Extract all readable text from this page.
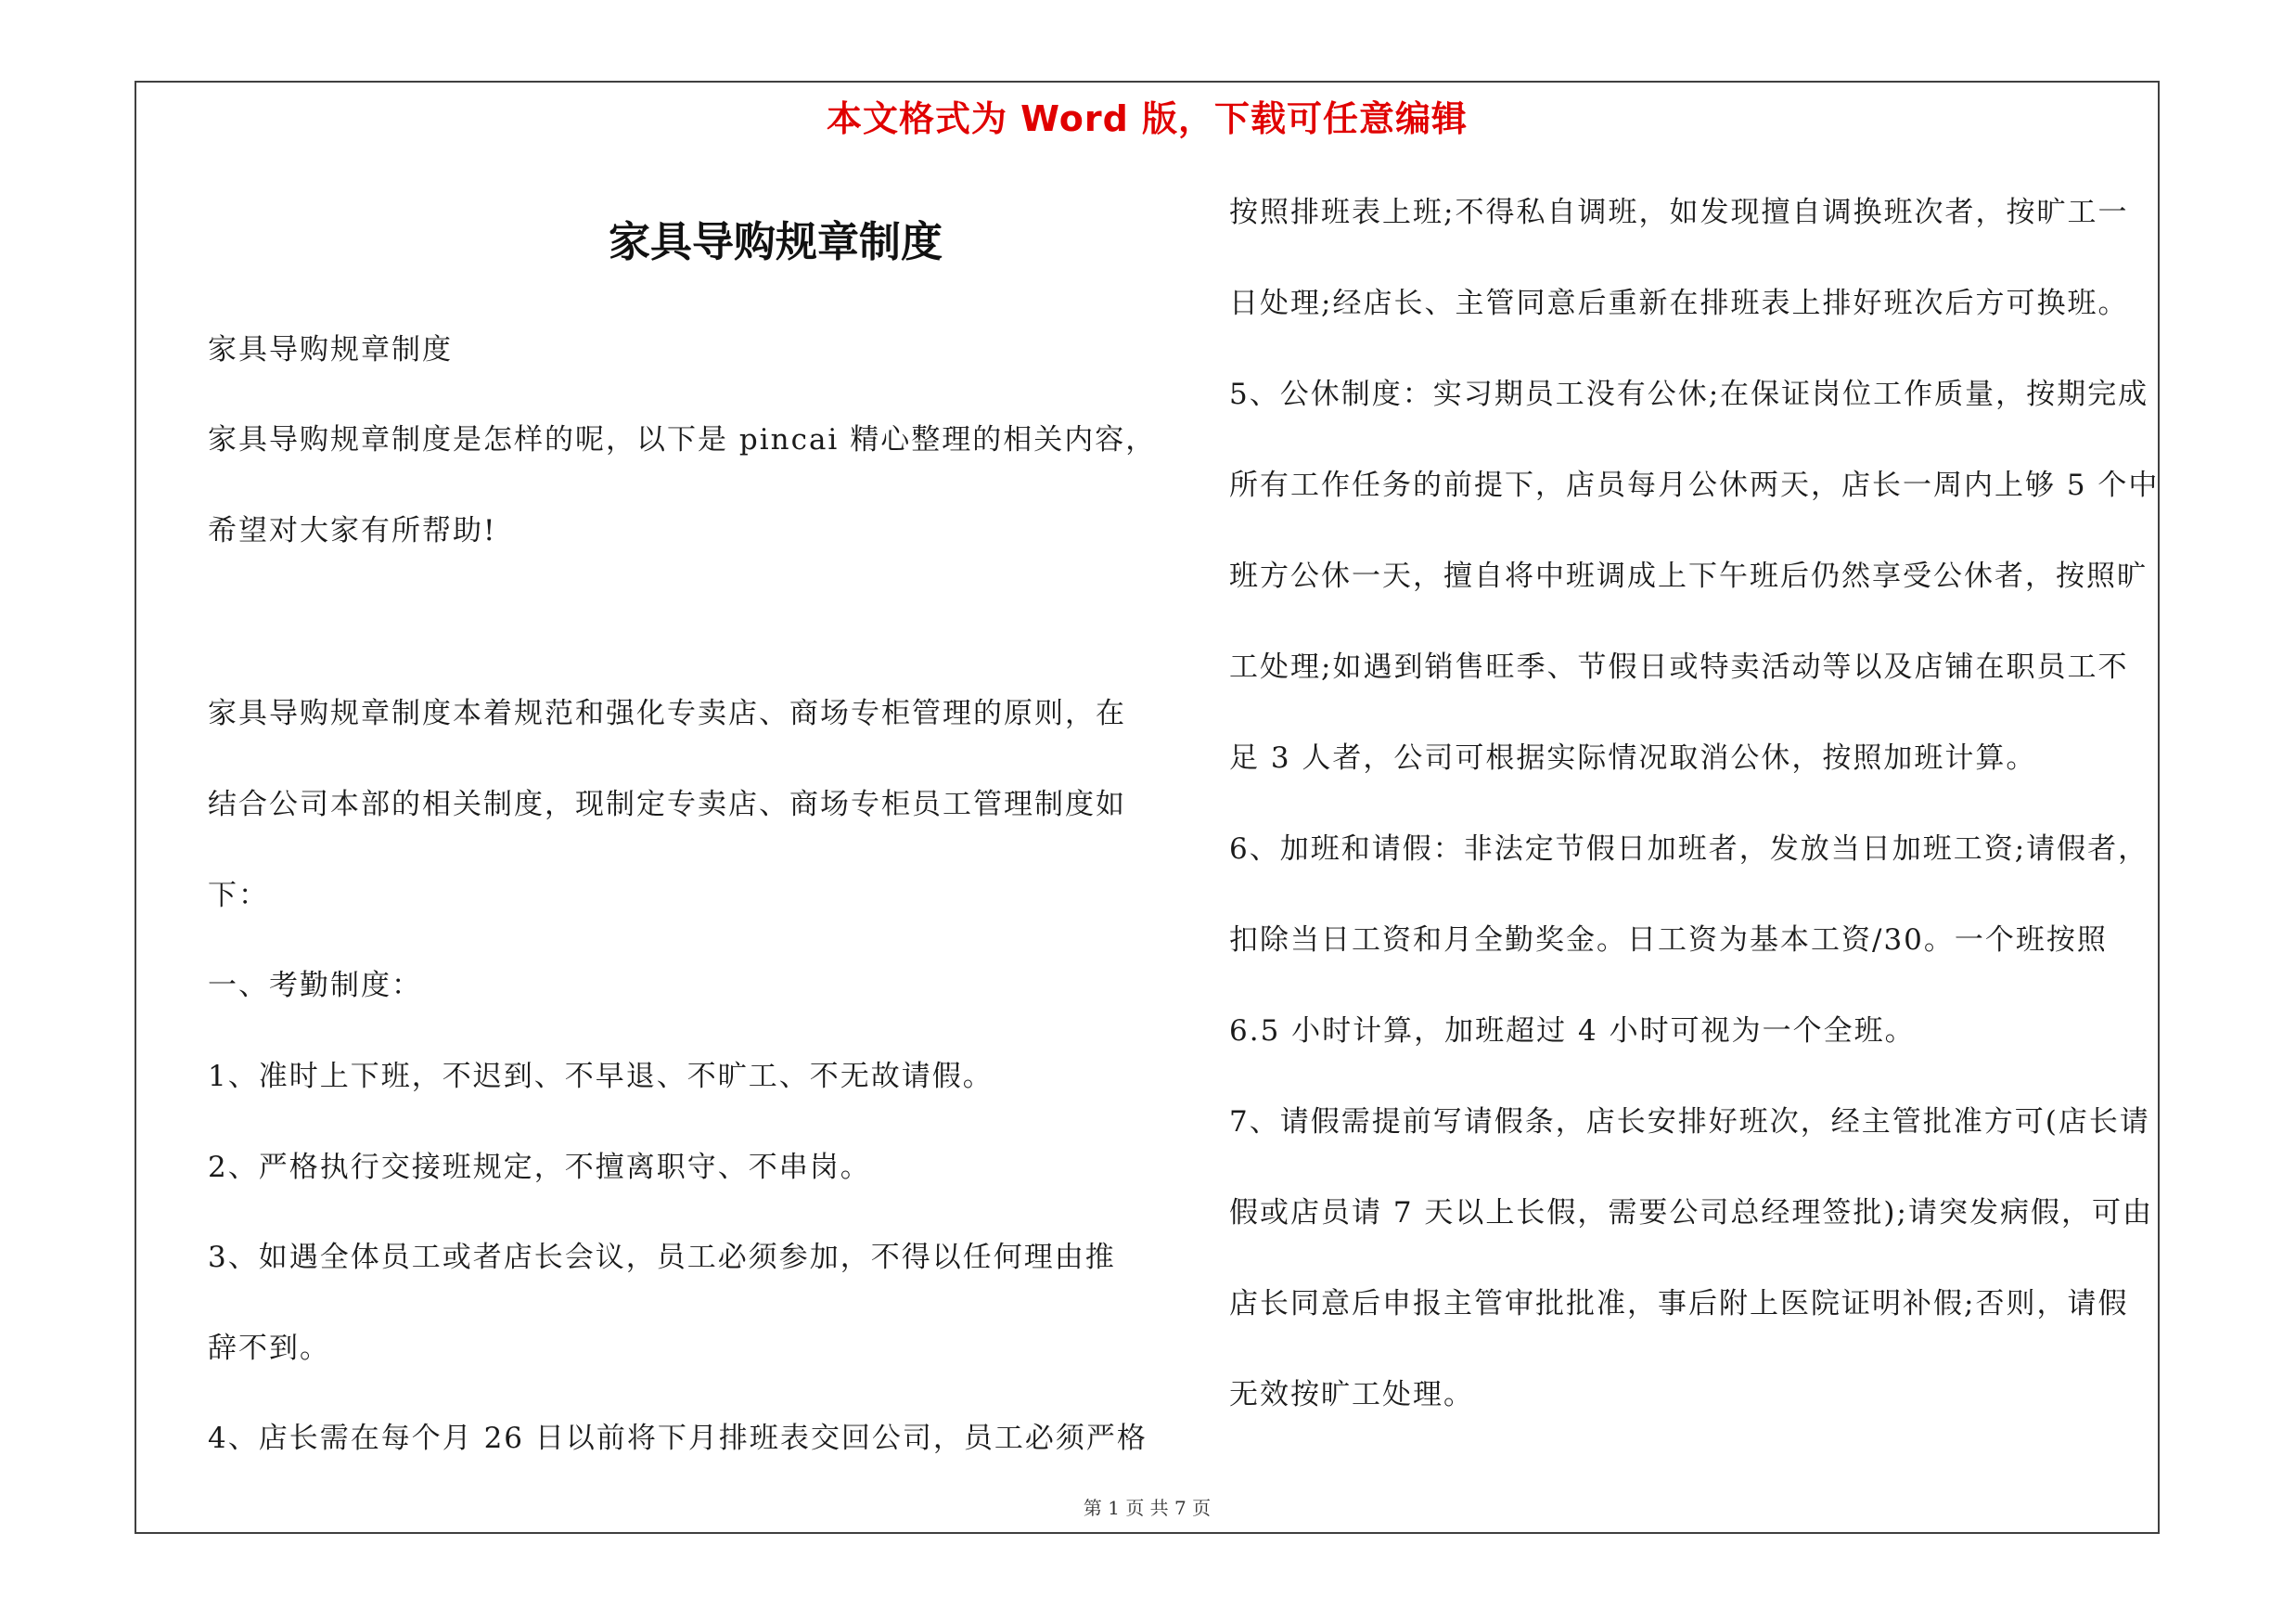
本文格式为 Word 版，下载可任意编辑
家具导购规章制度
家具导购规章制度
家具导购规章制度是怎样的呢，以下是 pincai 精心整理的相关内容，
希望对大家有所帮助!
家具导购规章制度本着规范和强化专卖店、商场专柜管理的原则，在
结合公司本部的相关制度，现制定专卖店、商场专柜员工管理制度如
下：
一、考勤制度：
1、准时上下班，不迟到、不早退、不旷工、不无故请假。
2、严格执行交接班规定，不擅离职守、不串岗。
3、如遇全体员工或者店长会议，员工必须参加，不得以任何理由推
辞不到。
4、店长需在每个月 26 日以前将下月排班表交回公司，员工必须严格
按照排班表上班;不得私自调班，如发现擅自调换班次者，按旷工一
日处理;经店长、主管同意后重新在排班表上排好班次后方可换班。
5、公休制度：实习期员工没有公休;在保证岗位工作质量，按期完成
所有工作任务的前提下，店员每月公休两天，店长一周内上够 5 个中
班方公休一天，擅自将中班调成上下午班后仍然享受公休者，按照旷
工处理;如遇到销售旺季、节假日或特卖活动等以及店铺在职员工不
足 3 人者，公司可根据实际情况取消公休，按照加班计算。
6、加班和请假：非法定节假日加班者，发放当日加班工资;请假者，
扣除当日工资和月全勤奖金。日工资为基本工资/30。一个班按照
6.5 小时计算，加班超过 4 小时可视为一个全班。
7、请假需提前写请假条，店长安排好班次，经主管批准方可(店长请
假或店员请 7 天以上长假，需要公司总经理签批);请突发病假，可由
店长同意后申报主管审批批准，事后附上医院证明补假;否则，请假
无效按旷工处理。
第 1 页 共 7 页
